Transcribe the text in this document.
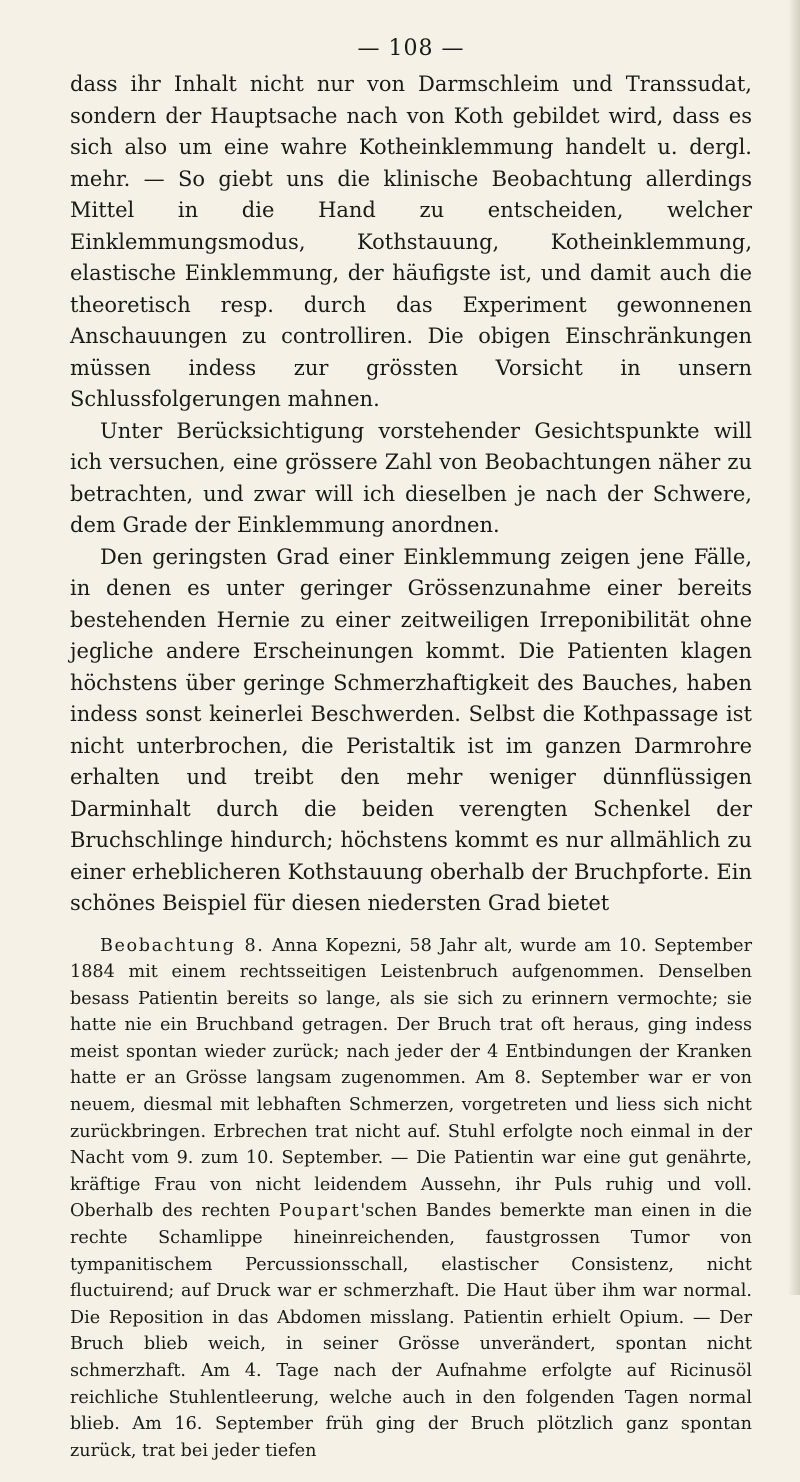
— 108 —

dass ihr Inhalt nicht nur von Darmschleim und Transsudat, sondern der Hauptsache nach von Koth gebildet wird, dass es sich also um eine wahre Kotheinklemmung handelt u. dergl. mehr. — So giebt uns die klinische Beobachtung allerdings Mittel in die Hand zu entscheiden, welcher Einklemmungsmodus, Kothstauung, Kotheinklemmung, elastische Einklemmung, der häufigste ist, und damit auch die theoretisch resp. durch das Experiment gewonnenen Anschauungen zu controlliren. Die obigen Einschränkungen müssen indess zur grössten Vorsicht in unsern Schlussfolgerungen mahnen.

Unter Berücksichtigung vorstehender Gesichtspunkte will ich versuchen, eine grössere Zahl von Beobachtungen näher zu betrachten, und zwar will ich dieselben je nach der Schwere, dem Grade der Einklemmung anordnen.

Den geringsten Grad einer Einklemmung zeigen jene Fälle, in denen es unter geringer Grössenzunahme einer bereits bestehenden Hernie zu einer zeitweiligen Irreponibilität ohne jegliche andere Erscheinungen kommt. Die Patienten klagen höchstens über geringe Schmerzhaftigkeit des Bauches, haben indess sonst keinerlei Beschwerden. Selbst die Kothpassage ist nicht unterbrochen, die Peristaltik ist im ganzen Darmrohre erhalten und treibt den mehr weniger dünnflüssigen Darminhalt durch die beiden verengten Schenkel der Bruchschlinge hindurch; höchstens kommt es nur allmählich zu einer erheblicheren Kothstauung oberhalb der Bruchpforte. Ein schönes Beispiel für diesen niedersten Grad bietet

Beobachtung 8. Anna Kopezni, 58 Jahr alt, wurde am 10. September 1884 mit einem rechtsseitigen Leistenbruch aufgenommen. Denselben besass Patientin bereits so lange, als sie sich zu erinnern vermochte; sie hatte nie ein Bruchband getragen. Der Bruch trat oft heraus, ging indess meist spontan wieder zurück; nach jeder der 4 Entbindungen der Kranken hatte er an Grösse langsam zugenommen. Am 8. September war er von neuem, diesmal mit lebhaften Schmerzen, vorgetreten und liess sich nicht zurückbringen. Erbrechen trat nicht auf. Stuhl erfolgte noch einmal in der Nacht vom 9. zum 10. September. — Die Patientin war eine gut genährte, kräftige Frau von nicht leidendem Aussehn, ihr Puls ruhig und voll. Oberhalb des rechten Poupart'schen Bandes bemerkte man einen in die rechte Schamlippe hineinreichenden, faustgrossen Tumor von tympanitischem Percussionsschall, elastischer Consistenz, nicht fluctuirend; auf Druck war er schmerzhaft. Die Haut über ihm war normal. Die Reposition in das Abdomen misslang. Patientin erhielt Opium. — Der Bruch blieb weich, in seiner Grösse unverändert, spontan nicht schmerzhaft. Am 4. Tage nach der Aufnahme erfolgte auf Ricinusöl reichliche Stuhlentleerung, welche auch in den folgenden Tagen normal blieb. Am 16. September früh ging der Bruch plötzlich ganz spontan zurück, trat bei jeder tiefen
